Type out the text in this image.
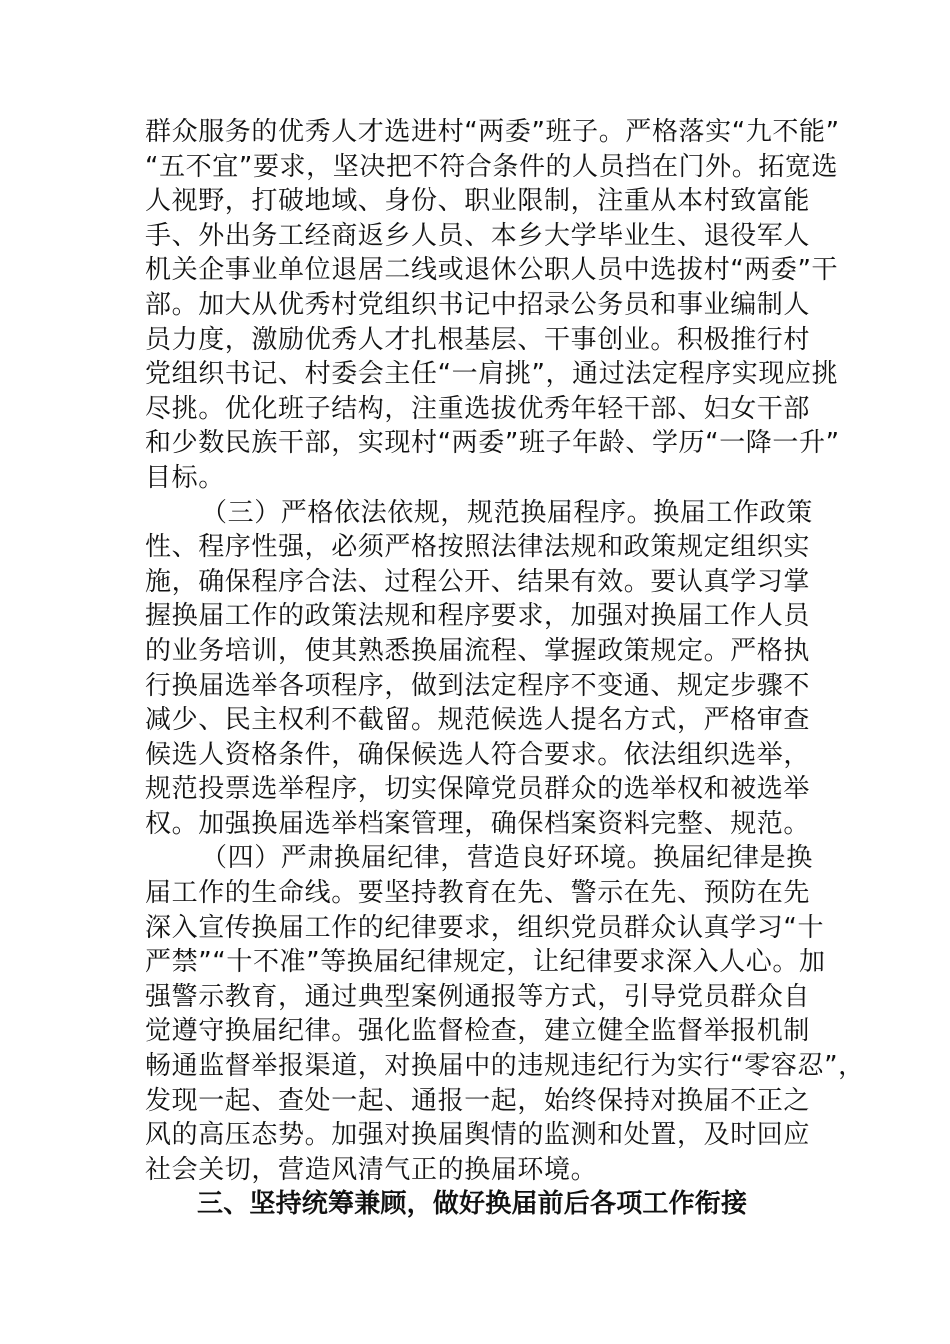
群众服务的优秀人才选进村“两委”班子。严格落实“九不能”
“五不宜”要求，坚决把不符合条件的人员挡在门外。拓宽选
人视野，打破地域、身份、职业限制，注重从本村致富能
手、外出务工经商返乡人员、本乡大学毕业生、退役军人
机关企事业单位退居二线或退休公职人员中选拔村“两委”干
部。加大从优秀村党组织书记中招录公务员和事业编制人
员力度，激励优秀人才扎根基层、干事创业。积极推行村
党组织书记、村委会主任“一肩挑”，通过法定程序实现应挑
尽挑。优化班子结构，注重选拔优秀年轻干部、妇女干部
和少数民族干部，实现村“两委”班子年龄、学历“一降一升”
目标。
（三）严格依法依规，规范换届程序。换届工作政策
性、程序性强，必须严格按照法律法规和政策规定组织实
施，确保程序合法、过程公开、结果有效。要认真学习掌
握换届工作的政策法规和程序要求，加强对换届工作人员
的业务培训，使其熟悉换届流程、掌握政策规定。严格执
行换届选举各项程序，做到法定程序不变通、规定步骤不
减少、民主权利不截留。规范候选人提名方式，严格审查
候选人资格条件，确保候选人符合要求。依法组织选举，
规范投票选举程序，切实保障党员群众的选举权和被选举
权。加强换届选举档案管理，确保档案资料完整、规范。
（四）严肃换届纪律，营造良好环境。换届纪律是换
届工作的生命线。要坚持教育在先、警示在先、预防在先
深入宣传换届工作的纪律要求，组织党员群众认真学习“十
严禁”“十不准”等换届纪律规定，让纪律要求深入人心。加
强警示教育，通过典型案例通报等方式，引导党员群众自
觉遵守换届纪律。强化监督检查，建立健全监督举报机制
畅通监督举报渠道，对换届中的违规违纪行为实行“零容忍”，
发现一起、查处一起、通报一起，始终保持对换届不正之
风的高压态势。加强对换届舆情的监测和处置，及时回应
社会关切，营造风清气正的换届环境。
三、坚持统筹兼顾，做好换届前后各项工作衔接
